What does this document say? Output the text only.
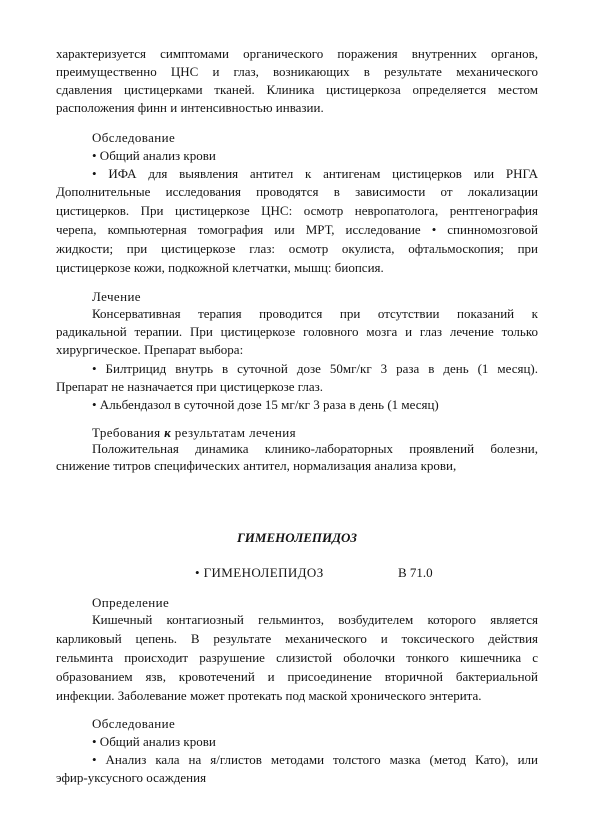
характеризуется симптомами органического поражения внутренних органов,
преимущественно ЦНС и глаз, возникающих в результате механического
сдавления цистицерками тканей. Клиника цистицеркоза определяется местом
расположения финн и интенсивностью инвазии.
Обследование
• Общий анализ крови
• ИФА для выявления антител к антигенам цистицерков или РНГА
Дополнительные исследования проводятся в зависимости от локализации
цистицерков. При цистицеркозе ЦНС: осмотр невропатолога, рентгенография
черепа, компьютерная томография или МРТ, исследование • спинномозговой
жидкости; при цистицеркозе глаз: осмотр окулиста, офтальмоскопия; при
цистицеркозе кожи, подкожной клетчатки, мышц: биопсия.
Лечение
Консервативная терапия проводится при отсутствии показаний к
радикальной терапии. При цистицеркозе головного мозга и глаз лечение только
хирургическое. Препарат выбора:
• Билтрицид внутрь в суточной дозе 50мг/кг 3 раза в день (1 месяц).
Препарат не назначается при цистицеркозе глаз.
• Альбендазол в суточной дозе 15 мг/кг 3 раза в день (1 месяц)
Требования к результатам лечения
Положительная динамика клинико-лабораторных проявлений болезни,
снижение титров специфических антител, нормализация анализа крови,
ГИМЕНОЛЕПИДОЗ
• ГИМЕНОЛЕПИДОЗ	В 71.0
Определение
Кишечный контагиозный гельминтоз, возбудителем которого является
карликовый цепень. В результате механического и токсического действия
гельминта происходит разрушение слизистой оболочки тонкого кишечника с
образованием язв, кровотечений и присоединение вторичной бактериальной
инфекции. Заболевание может протекать под маской хронического энтерита.
Обследование
• Общий анализ крови
• Анализ кала на я/глистов методами толстого мазка (метод Като), или
эфир-уксусного осаждения
